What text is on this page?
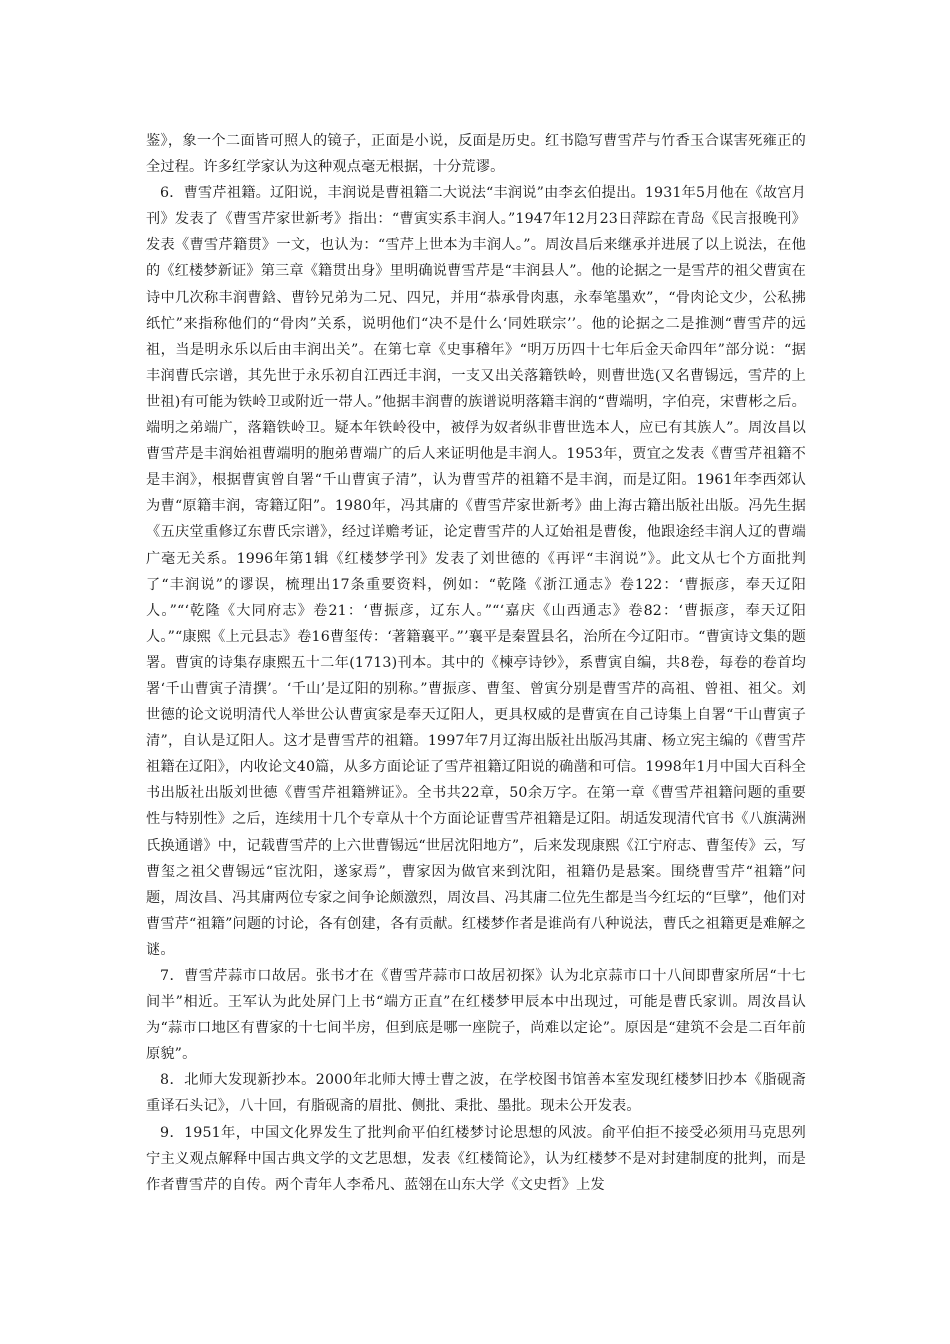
鉴》，象一个二面皆可照人的镜子，正面是小说，反面是历史。红书隐写曹雪芹与竹香玉合谋害死雍正的全过程。许多红学家认为这种观点毫无根据，十分荒谬。

6．曹雪芹祖籍。辽阳说，丰润说是曹祖籍二大说法“丰润说”由李玄伯提出。1931年5月他在《故宫月刊》发表了《曹雪芹家世新考》指出：“曹寅实系丰润人。”1947年12月23日萍踪在青岛《民言报晚刊》发表《曹雪芹籍贯》一文，也认为：“雪芹上世本为丰润人。”。周汝昌后来继承并进展了以上说法，在他的《红楼梦新证》第三章《籍贯出身》里明确说曹雪芹是“丰润县人”。他的论据之一是雪芹的祖父曹寅在诗中几次称丰润曹鋡、曹钤兄弟为二兄、四兄，并用“恭承骨肉惠，永奉笔墨欢”，“骨肉论文少，公私拂纸忙”来指称他们的“骨肉”关系，说明他们“决不是什么‘同姓联宗’’。他的论据之二是推测“曹雪芹的远祖，当是明永乐以后由丰润出关”。在第七章《史事稽年》“明万历四十七年后金天命四年”部分说：“据丰润曹氏宗谱，其先世于永乐初自江西迁丰润，一支又出关落籍铁岭，则曹世选(又名曹锡远，雪芹的上世祖)有可能为铁岭卫或附近一帯人。”他据丰润曹的族谱说明落籍丰润的“曹端明，字伯亮，宋曹彬之后。端明之弟端广，落籍铁岭卫。疑本年铁岭役中，被俘为奴者纵非曹世选本人，应已有其族人”。周汝昌以曹雪芹是丰润始祖曹端明的胞弟曹端广的后人来证明他是丰润人。1953年，贾宜之发表《曹雪芹祖籍不是丰润》，根据曹寅曾自署“千山曹寅子清”，认为曹雪芹的祖籍不是丰润，而是辽阳。1961年李西郊认为曹“原籍丰润，寄籍辽阳”。1980年，冯其庸的《曹雪芹家世新考》曲上海古籍出版社出版。冯先生据《五庆堂重修辽东曹氏宗谱》，经过详赡考证，论定曹雪芹的人辽始祖是曹俊，他跟途经丰润人辽的曹端广毫无关系。1996年第1辑《红楼梦学刊》发表了刘世德的《再评“丰润说”》。此文从七个方面批判了“丰润说”的谬误，梳理出17条重要资料，例如：“乾隆《浙江通志》卷122：‘曹振彦，奉天辽阳人。”“‘乾隆《大同府志》卷21：‘曹振彦，辽东人。”“‘嘉庆《山西通志》卷82：‘曹振彦，奉天辽阳人。”“康熙《上元县志》卷16曹玺传：‘著籍襄平。”’襄平是秦置县名，治所在今辽阳市。“曹寅诗文集的题署。曹寅的诗集存康熙五十二年(1713)刊本。其中的《楝亭诗钞》，系曹寅自编，共8卷，每卷的卷首均署‘千山曹寅子清撰’。‘千山’是辽阳的别称。”曹振彦、曹玺、曾寅分别是曹雪芹的高祖、曾祖、祖父。刘世德的论文说明清代人举世公认曹寅家是奉天辽阳人，更具权威的是曹寅在自己诗集上自署“干山曹寅子清”，自认是辽阳人。这才是曹雪芹的祖籍。1997年7月辽海出版社出版冯其庸、杨立宪主编的《曹雪芹祖籍在辽阳》，内收论文40篇，从多方面论证了雪芹祖籍辽阳说的确凿和可信。1998年1月中国大百科全书出版社出版刘世德《曹雪芹祖籍辨证》。全书共22章，50余万字。在第一章《曹雪芹祖籍问题的重要性与特别性》之后，连续用十几个专章从十个方面论证曹雪芹祖籍是辽阳。胡适发现清代官书《八旗满洲氏换通谱》中，记载曹雪芹的上六世曹锡远“世居沈阳地方”，后来发现康熙《江宁府志、曹玺传》云，写曹玺之祖父曹锡远“宦沈阳，遂家焉”，曹家因为做官来到沈阳，祖籍仍是悬案。围绕曹雪芹“祖籍”问题，周汝昌、冯其庸两位专家之间争论颇激烈，周汝昌、冯其庸二位先生都是当今红坛的“巨擘”，他们对曹雪芹“祖籍”问题的讨论，各有创建，各有贡献。红楼梦作者是谁尚有八种说法，曹氏之祖籍更是难解之谜。

7．曹雪芹蒜市口故居。张书才在《曹雪芹蒜市口故居初探》认为北京蒜市口十八间即曹家所居“十七间半”相近。王军认为此处屏门上书“端方正直”在红楼梦甲辰本中出现过，可能是曹氏家训。周汝昌认为“蒜市口地区有曹家的十七间半房，但到底是哪一座院子，尚难以定论”。原因是“建筑不会是二百年前原貌”。

8．北师大发现新抄本。2000年北师大博士曹之波，在学校图书馆善本室发现红楼梦旧抄本《脂砚斋重译石头记》，八十回，有脂砚斋的眉批、侧批、秉批、墨批。现未公开发表。

9．1951年，中国文化界发生了批判俞平伯红楼梦讨论思想的风波。俞平伯拒不接受必须用马克思列宁主义观点解释中国古典文学的文艺思想，发表《红楼简论》，认为红楼梦不是对封建制度的批判，而是作者曹雪芹的自传。两个青年人李希凡、蓝翎在山东大学《文史哲》上发
